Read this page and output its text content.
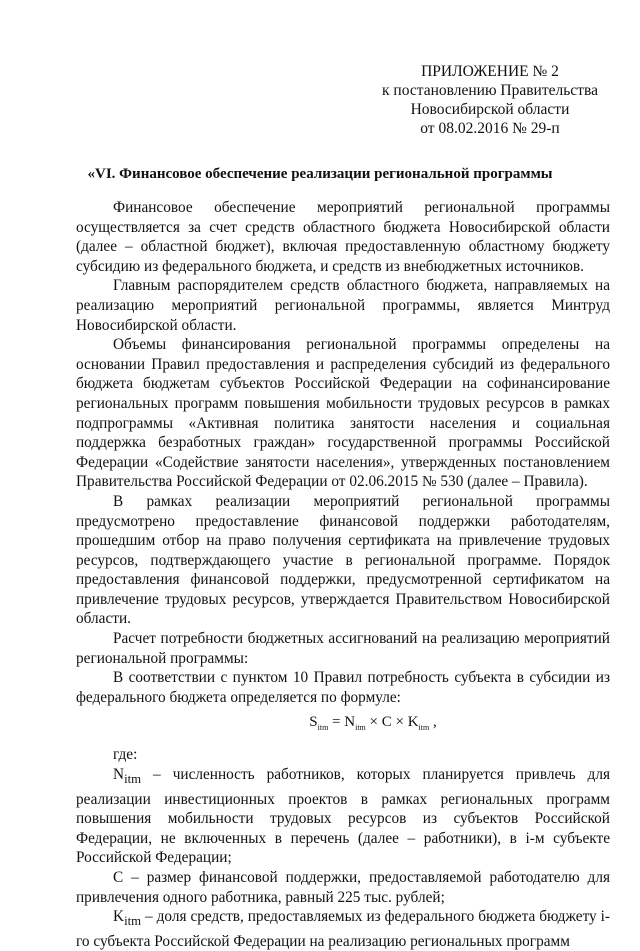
ПРИЛОЖЕНИЕ № 2
к постановлению Правительства
Новосибирской области
от 08.02.2016 № 29-п
«VI. Финансовое обеспечение реализации региональной программы

Финансовое обеспечение мероприятий региональной программы осуществляется за счет средств областного бюджета Новосибирской области (далее – областной бюджет), включая предоставленную областному бюджету субсидию из федерального бюджета, и средств из внебюджетных источников.

Главным распорядителем средств областного бюджета, направляемых на реализацию мероприятий региональной программы, является Минтруд Новосибирской области.

Объемы финансирования региональной программы определены на основании Правил предоставления и распределения субсидий из федерального бюджета бюджетам субъектов Российской Федерации на софинансирование региональных программ повышения мобильности трудовых ресурсов в рамках подпрограммы «Активная политика занятости населения и социальная поддержка безработных граждан» государственной программы Российской Федерации «Содействие занятости населения», утвержденных постановлением Правительства Российской Федерации от 02.06.2015 № 530 (далее – Правила).

В рамках реализации мероприятий региональной программы предусмотрено предоставление финансовой поддержки работодателям, прошедшим отбор на право получения сертификата на привлечение трудовых ресурсов, подтверждающего участие в региональной программе. Порядок предоставления финансовой поддержки, предусмотренной сертификатом на привлечение трудовых ресурсов, утверждается Правительством Новосибирской области.

Расчет потребности бюджетных ассигнований на реализацию мероприятий региональной программы:

В соответствии с пунктом 10 Правил потребность субъекта в субсидии из федерального бюджета определяется по формуле:

$S_{itm} = N_{itm} \times C \times K_{itm}$ ,

где:

$N_{itm}$ – численность работников, которых планируется привлечь для реализации инвестиционных проектов в рамках региональных программ повышения мобильности трудовых ресурсов из субъектов Российской Федерации, не включенных в перечень (далее – работники), в i-м субъекте Российской Федерации;

C – размер финансовой поддержки, предоставляемой работодателю для привлечения одного работника, равный 225 тыс. рублей;

$K_{itm}$ – доля средств, предоставляемых из федерального бюджета бюджету i-го субъекта Российской Федерации на реализацию региональных программ
